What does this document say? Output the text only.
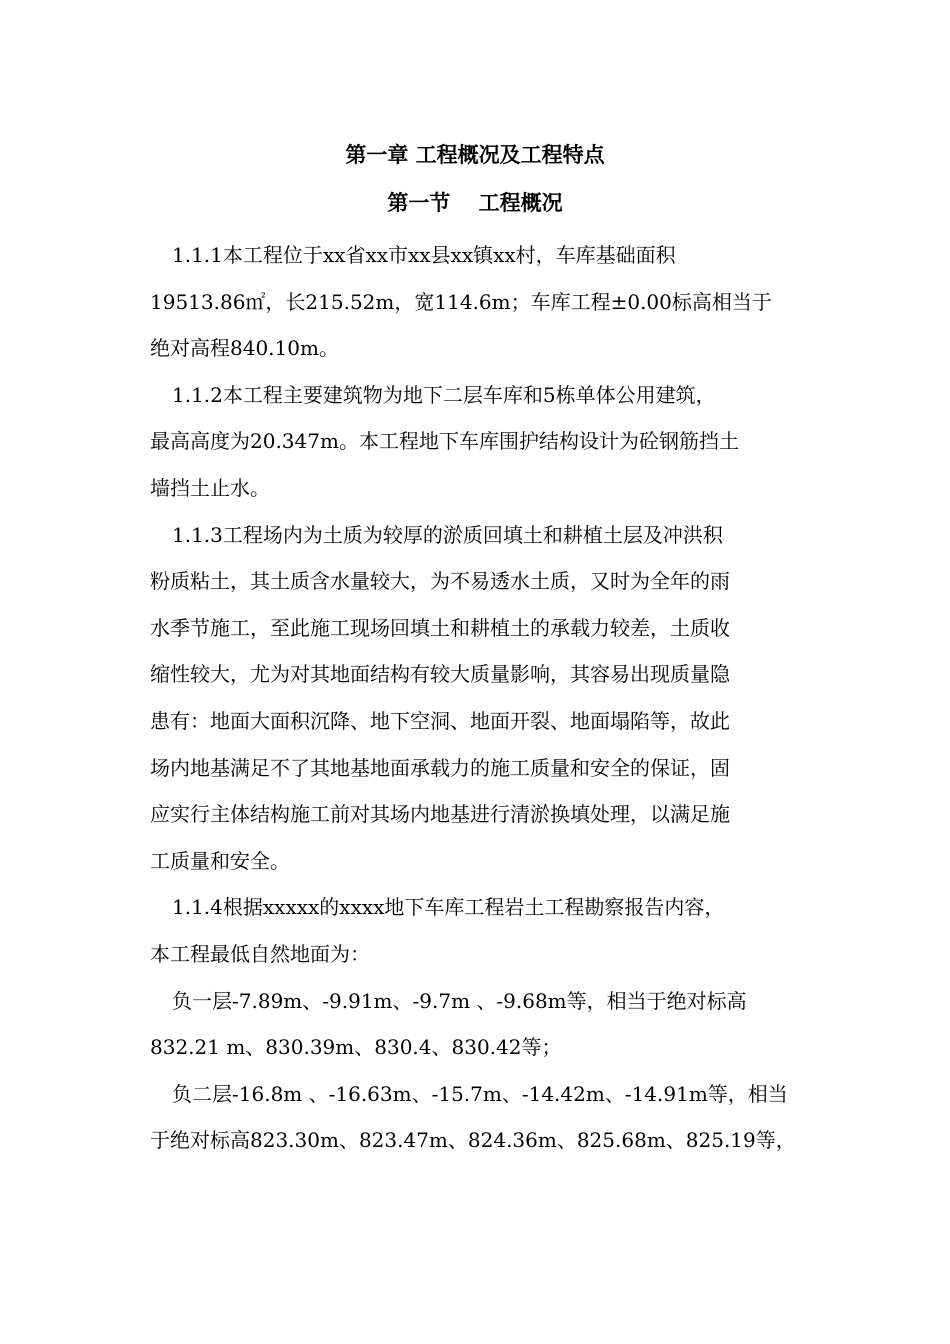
第一章 工程概况及工程特点
第一节　 工程概况
1.1.1本工程位于xx省xx市xx县xx镇xx村，车库基础面积
19513.86㎡，长215.52m，宽114.6m；车库工程±0.00标高相当于
绝对高程840.10m。
1.1.2本工程主要建筑物为地下二层车库和5栋单体公用建筑，
最高高度为20.347m。本工程地下车库围护结构设计为砼钢筋挡土
墙挡土止水。
1.1.3工程场内为土质为较厚的淤质回填土和耕植土层及冲洪积
粉质粘土，其土质含水量较大，为不易透水土质，又时为全年的雨
水季节施工，至此施工现场回填土和耕植土的承载力较差，土质收
缩性较大，尤为对其地面结构有较大质量影响，其容易出现质量隐
患有：地面大面积沉降、地下空洞、地面开裂、地面塌陷等，故此
场内地基满足不了其地基地面承载力的施工质量和安全的保证，固
应实行主体结构施工前对其场内地基进行清淤换填处理，以满足施
工质量和安全。
1.1.4根据xxxxx的xxxx地下车库工程岩土工程勘察报告内容，
本工程最低自然地面为：
负一层-7.89m、-9.91m、-9.7m 、-9.68m等，相当于绝对标高
832.21 m、830.39m、830.4、830.42等；
负二层-16.8m 、-16.63m、-15.7m、-14.42m、-14.91m等，相当
于绝对标高823.30m、823.47m、824.36m、825.68m、825.19等，
